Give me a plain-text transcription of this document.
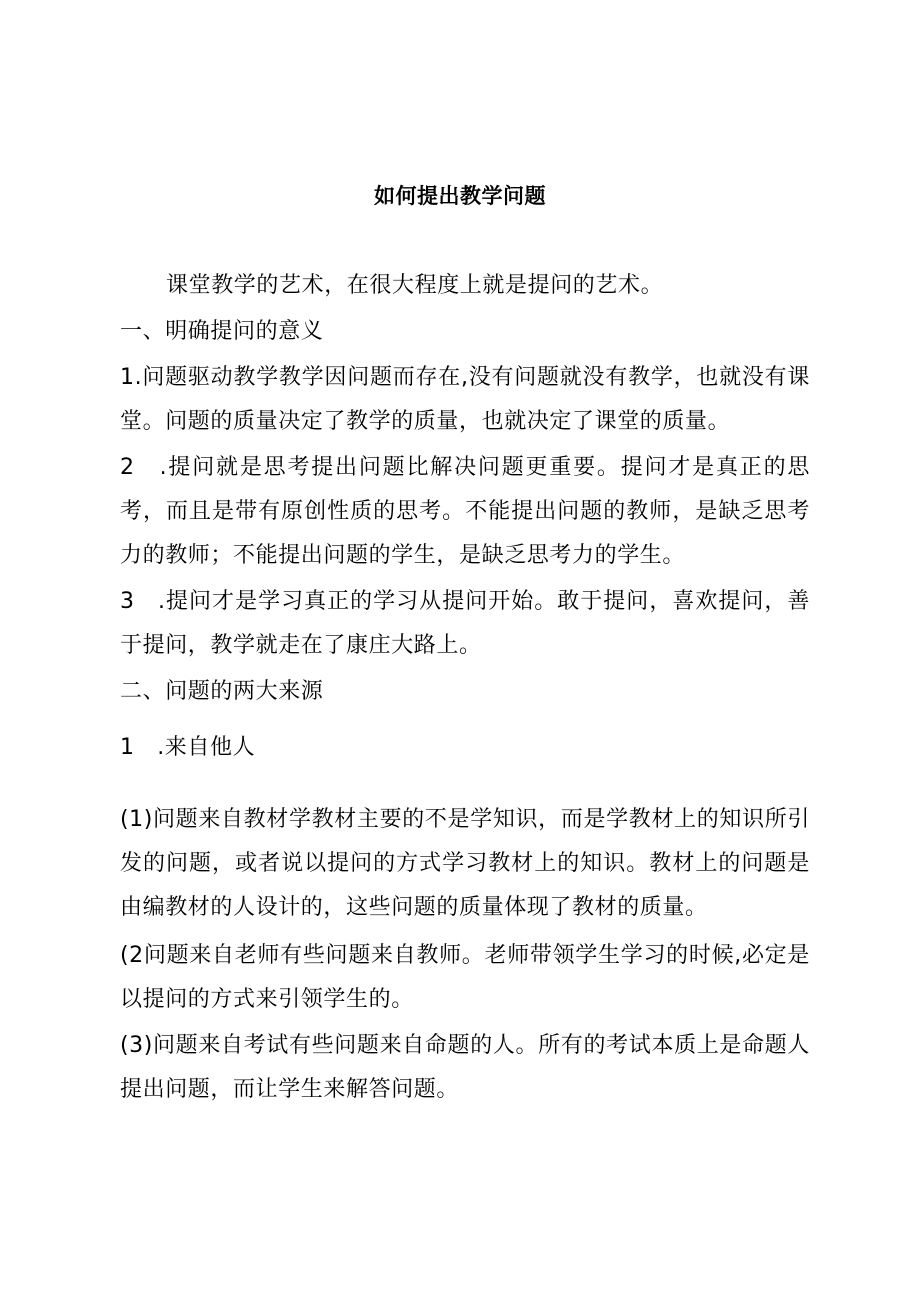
如何提出教学问题
课堂教学的艺术，在很大程度上就是提问的艺术。
一、明确提问的意义
1.问题驱动教学教学因问题而存在,没有问题就没有教学，也就没有课堂。问题的质量决定了教学的质量，也就决定了课堂的质量。
2　.提问就是思考提出问题比解决问题更重要。提问才是真正的思考，而且是带有原创性质的思考。不能提出问题的教师，是缺乏思考力的教师；不能提出问题的学生，是缺乏思考力的学生。
3　.提问才是学习真正的学习从提问开始。敢于提问，喜欢提问，善于提问，教学就走在了康庄大路上。
二、问题的两大来源
1　.来自他人
(1)问题来自教材学教材主要的不是学知识，而是学教材上的知识所引发的问题，或者说以提问的方式学习教材上的知识。教材上的问题是由编教材的人设计的，这些问题的质量体现了教材的质量。
(2问题来自老师有些问题来自教师。老师带领学生学习的时候,必定是以提问的方式来引领学生的。
(3)问题来自考试有些问题来自命题的人。所有的考试本质上是命题人提出问题，而让学生来解答问题。
